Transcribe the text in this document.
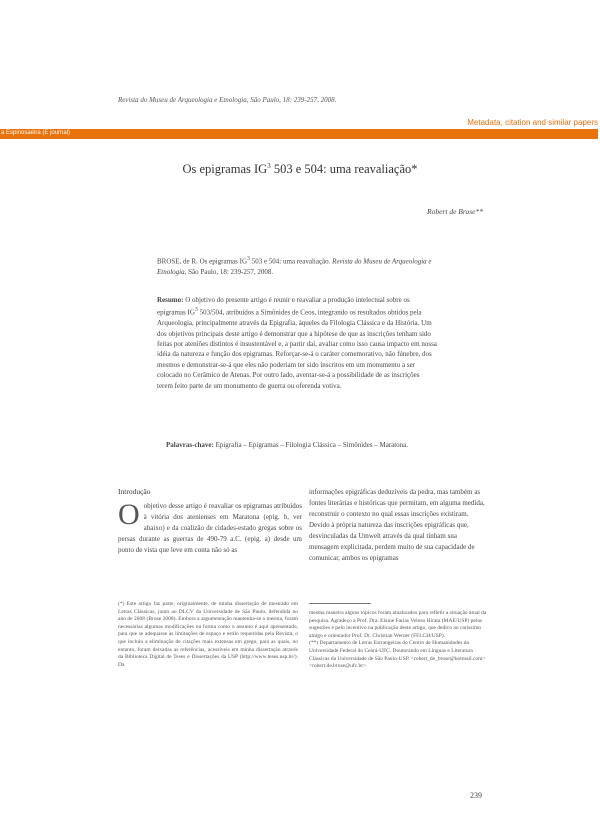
Revista do Museu de Arqueologia e Etnologia, São Paulo, 18: 239-257, 2008.
Metadata, citation and similar papers
a Espinosaeira (E journal)
Os epigramas $IG^3$ 503 e 504: uma reavaliação*
Robert de Brose**
BROSE, de R. Os epigramas $IG^3$ 503 e 504: uma reavaliação. Revista do Museu de Arqueologia e Etnologia, São Paulo, 18: 239-257, 2008.
Resumo: O objetivo do presente artigo é reunir e reavaliar a produção intelectual sobre os epigramas $IG^3$ 503/504, atribuídos a Simônides de Ceos, integrando os resultados obtidos pela Arqueologia, principalmente através da Epigrafia, àqueles da Filologia Clássica e da História. Um dos objetivos principais deste artigo é demonstrar que a hipótese de que as inscrições tenham sido feitas por ateniões distintos é insustentável e, a partir daí, avaliar como isso causa impacto em nossa idéia da natureza e função dos epigramas. Reforçar-se-á o caráter comemorativo, não fúnebre, dos mesmos e demonstrar-se-á que eles não poderiam ter sido inscritos em um monumento a ser colocado no Cerâmico de Atenas. Por outro lado, aventar-se-á a possibilidade de as inscrições terem feito parte de um monumento de guerra ou oferenda votiva.
Palavras-chave: Epigrafia – Epigramas – Filologia Clássica – Simônides – Maratona.
Introdução
Oobjetivo desse artigo é reavaliar os epigramas atribuídos à vitória dos atenienses em Maratona (epig. b, ver abaixo) e da coalizão de cidades-estado gregas sobre os persas durante as guerras de 490-79 a.C. (epig. a) desde um ponto de vista que leve em conta não só as
informações epigráficas deduzíveis da pedra, mas também as fontes literárias e históricas que permitam, em alguma medida, reconstruir o contexto no qual essas inscrições existiram. Devido à própria natureza das inscrições epigráficas que, desvinculadas da Umwelt através da qual tinham sua mensagem explicitada, perdem muito de sua capacidade de comunicar, ambos os epigramas
(*) Este artigo faz parte, originalmente, de minha dissertação de mestrado em Letras Clássicas, junto ao DLCV da Universidade de São Paulo, defendida no ano de 2008 (Brose 2008). Embora a argumentação mantenha-se a mesma, foram necessárias algumas modificações na forma como o assunto é aqui apresentado, para que se adequasse às limitações de espaço e estilo requeridas pela Revista, o que incluiu a eliminação de citações mais extensas em grego, para as quais, no entanto, foram deixadas as referências, acessíveis em minha dissertação através da Biblioteca Digital de Teses e Dissertações da USP (http://www.teses.usp.br/). Da

mesma maneira alguns tópicos foram atualizados para refletir a situação atual da pesquisa. Agradeço a Prof. Dra. Elaine Farias Veloso Hirata (MAE/USP) pelas sugestões e pelo incentivo na publicação deste artigo, que dedico ao caríssimo amigo e orientador Prof. Dr. Christian Werner (FFLCH/USP).

(**) Departamento de Letras Estrangeiras do Centro de Humanidades da Universidade Federal do Ceará-UFC. Doutorando em Línguas e Literatura Clássicas da Universidade de São Paulo-USP. <robert_de_brose@hotmail.com> <robert.de.brose@ufc.br>

239
